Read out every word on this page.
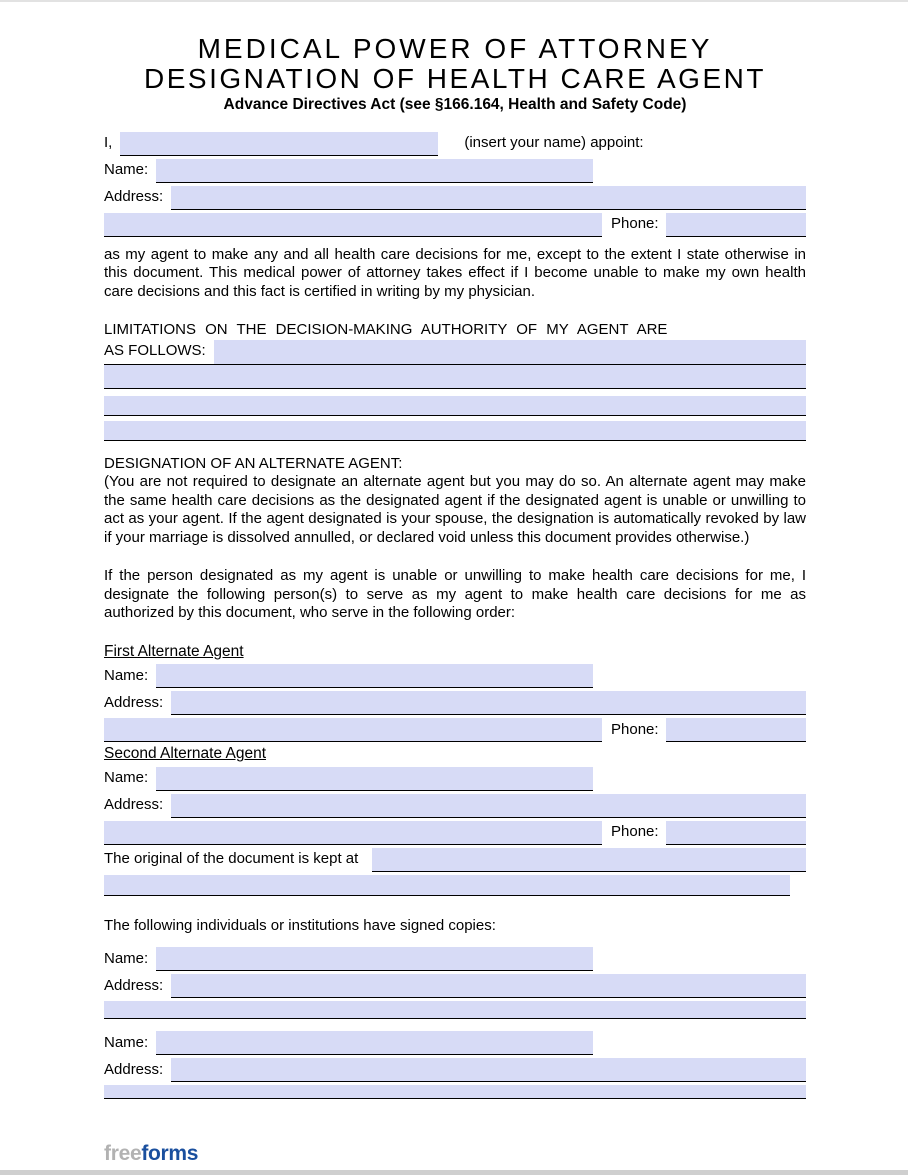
MEDICAL POWER OF ATTORNEY
DESIGNATION OF HEALTH CARE AGENT
Advance Directives Act (see §166.164, Health and Safety Code)
I,	(insert your name) appoint:
Name:
Address:
Phone:
as my agent to make any and all health care decisions for me, except to the extent I state otherwise in this document. This medical power of attorney takes effect if I become unable to make my own health care decisions and this fact is certified in writing by my physician.
LIMITATIONS ON THE DECISION-MAKING AUTHORITY OF MY AGENT ARE
AS FOLLOWS:
DESIGNATION OF AN ALTERNATE AGENT:
(You are not required to designate an alternate agent but you may do so. An alternate agent may make the same health care decisions as the designated agent if the designated agent is unable or unwilling to act as your agent. If the agent designated is your spouse, the designation is automatically revoked by law if your marriage is dissolved annulled, or declared void unless this document provides otherwise.)
If the person designated as my agent is unable or unwilling to make health care decisions for me, I designate the following person(s) to serve as my agent to make health care decisions for me as authorized by this document, who serve in the following order:
First Alternate Agent
Name:
Address:
Phone:
Second Alternate Agent
Name:
Address:
Phone:
The original of the document is kept at
The following individuals or institutions have signed copies:
Name:
Address:
Name:
Address:
freeforms
